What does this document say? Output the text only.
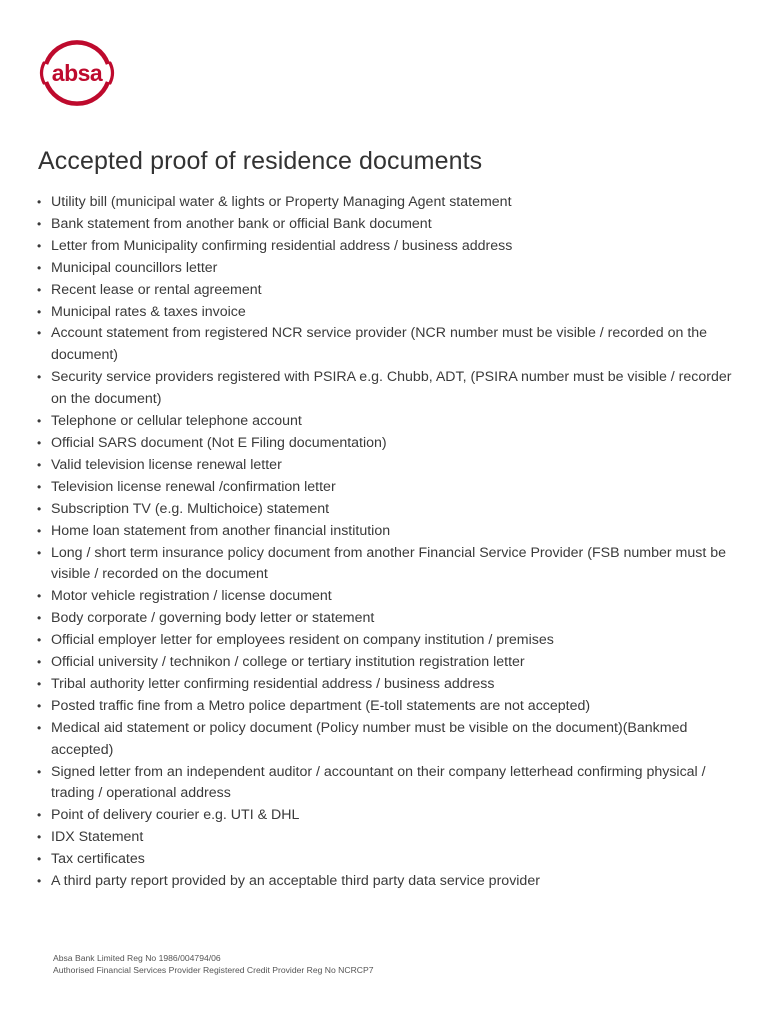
absa
Accepted proof of residence documents
• Utility bill (municipal water & lights or Property Managing Agent statement
• Bank statement from another bank or official Bank document
• Letter from Municipality confirming residential address / business address
• Municipal councillors letter
• Recent lease or rental agreement
• Municipal rates & taxes invoice
• Account statement from registered NCR service provider (NCR number must be visible / recorded on the document)
• Security service providers registered with PSIRA e.g. Chubb, ADT, (PSIRA number must be visible / recorder on the document)
• Telephone or cellular telephone account
• Official SARS document (Not E Filing documentation)
• Valid television license renewal letter
• Television license renewal /confirmation letter
• Subscription TV (e.g. Multichoice) statement
• Home loan statement from another financial institution
• Long / short term insurance policy document from another Financial Service Provider (FSB number must be visible / recorded on the document
• Motor vehicle registration / license document
• Body corporate / governing body letter or statement
• Official employer letter for employees resident on company institution / premises
• Official university / technikon / college or tertiary institution registration letter
• Tribal authority letter confirming residential address / business address
• Posted traffic fine from a Metro police department (E-toll statements are not accepted)
• Medical aid statement or policy document (Policy number must be visible on the document)(Bankmed accepted)
• Signed letter from an independent auditor / accountant on their company letterhead confirming physical / trading / operational address
• Point of delivery courier e.g. UTI & DHL
• IDX Statement
• Tax certificates
• A third party report provided by an acceptable third party data service provider
Absa Bank Limited Reg No 1986/004794/06
Authorised Financial Services Provider Registered Credit Provider Reg No NCRCP7
